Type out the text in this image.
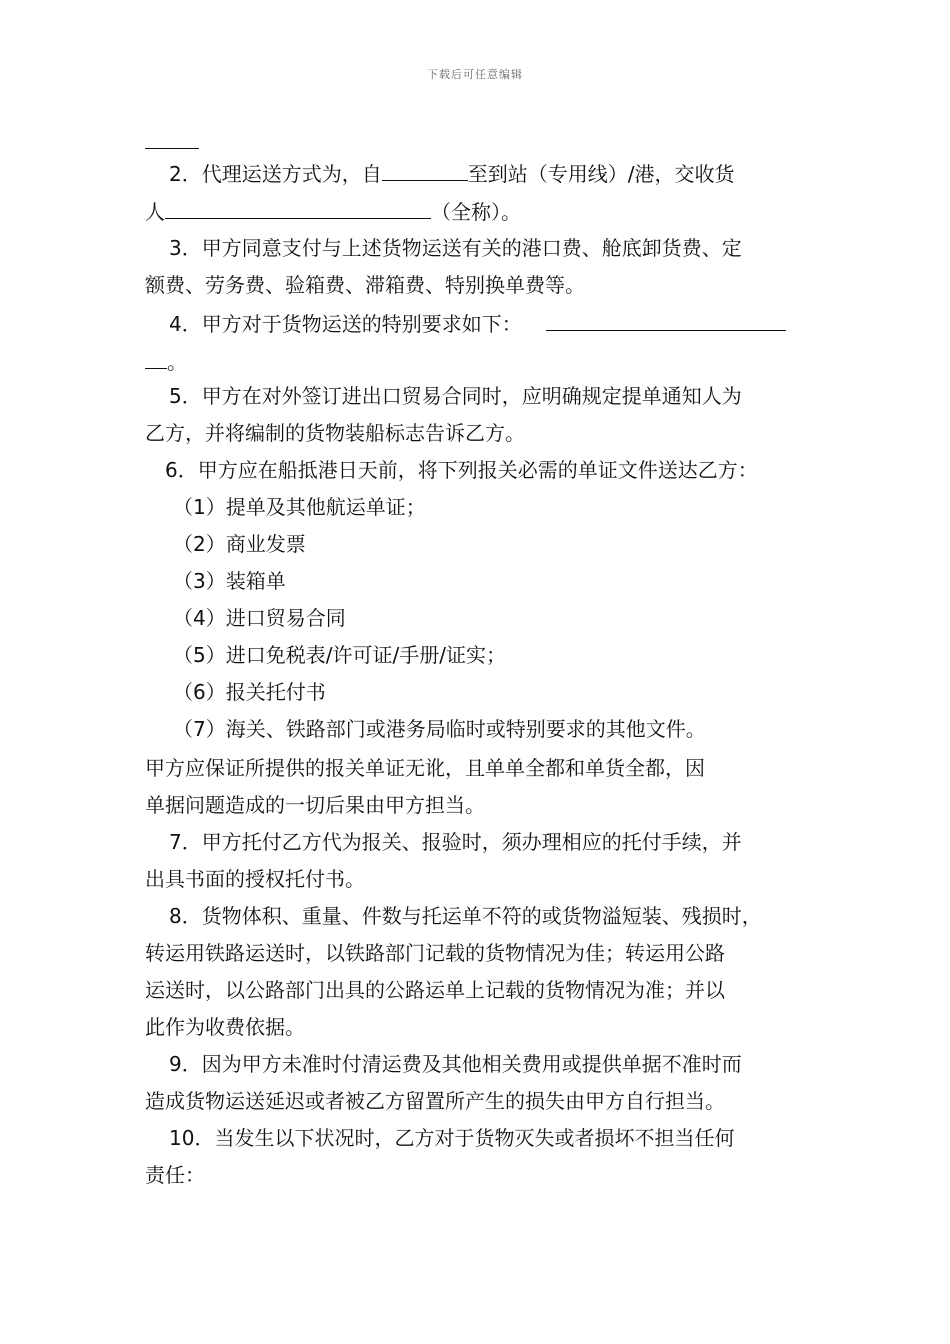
下载后可任意编辑
2．代理运送方式为，自	至到站（专用线）/港，交收货
人	（全称）。
3．甲方同意支付与上述货物运送有关的港口费、舱底卸货费、定
额费、劳务费、验箱费、滞箱费、特别换单费等。
4．甲方对于货物运送的特别要求如下：
。
5．甲方在对外签订进出口贸易合同时，应明确规定提单通知人为
乙方，并将编制的货物装船标志告诉乙方。
6．甲方应在船抵港日天前，将下列报关必需的单证文件送达乙方：
（1）提单及其他航运单证；
（2）商业发票
（3）装箱单
（4）进口贸易合同
（5）进口免税表/许可证/手册/证实；
（6）报关托付书
（7）海关、铁路部门或港务局临时或特别要求的其他文件。
甲方应保证所提供的报关单证无讹，且单单全都和单货全都，因
单据问题造成的一切后果由甲方担当。
7．甲方托付乙方代为报关、报验时，须办理相应的托付手续，并
出具书面的授权托付书。
8．货物体积、重量、件数与托运单不符的或货物溢短装、残损时，
转运用铁路运送时，以铁路部门记载的货物情况为佳；转运用公路
运送时，以公路部门出具的公路运单上记载的货物情况为准；并以
此作为收费依据。
9．因为甲方未准时付清运费及其他相关费用或提供单据不准时而
造成货物运送延迟或者被乙方留置所产生的损失由甲方自行担当。
10．当发生以下状况时，乙方对于货物灭失或者损坏不担当任何
责任：
